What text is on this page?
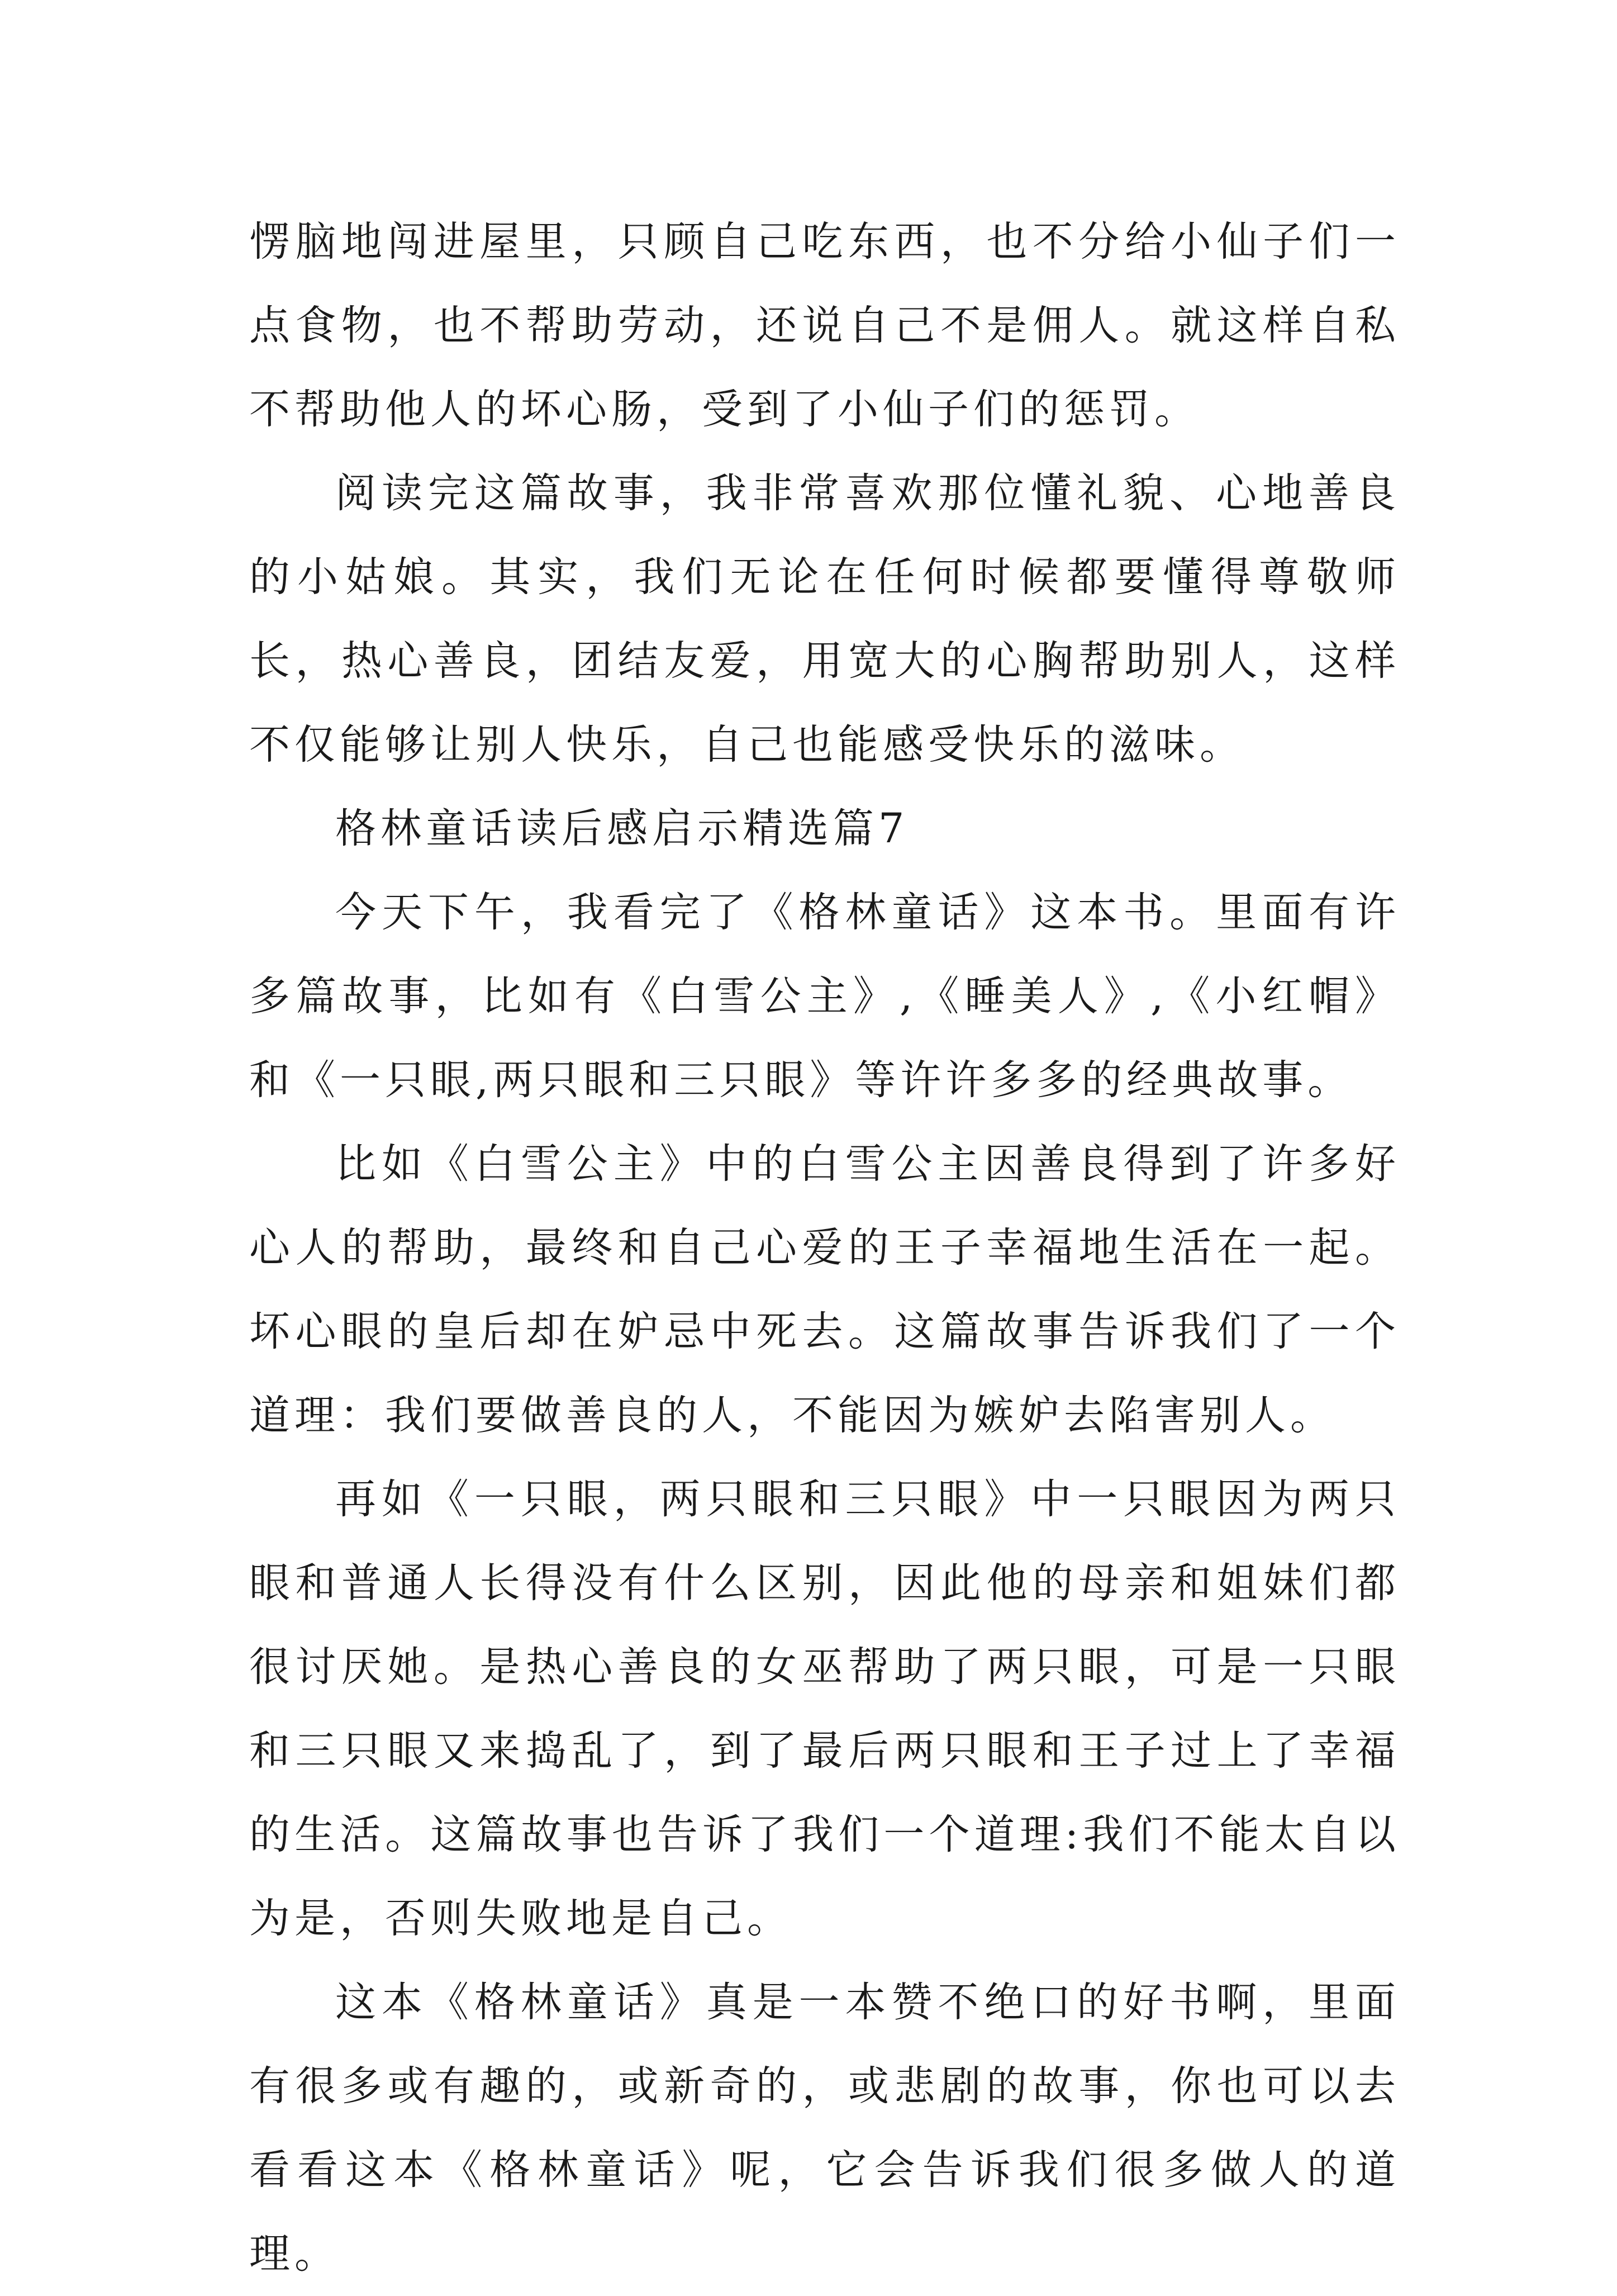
愣脑地闯进屋里，只顾自己吃东西，也不分给小仙子们一点食物，也不帮助劳动，还说自己不是佣人。就这样自私不帮助他人的坏心肠，受到了小仙子们的惩罚。

阅读完这篇故事，我非常喜欢那位懂礼貌、心地善良的小姑娘。其实，我们无论在任何时候都要懂得尊敬师长，热心善良，团结友爱，用宽大的心胸帮助别人，这样不仅能够让别人快乐，自己也能感受快乐的滋味。

格林童话读后感启示精选篇7

今天下午，我看完了《格林童话》这本书。里面有许多篇故事，比如有《白雪公主》,《睡美人》,《小红帽》和《一只眼,两只眼和三只眼》等许许多多的经典故事。

比如《白雪公主》中的白雪公主因善良得到了许多好心人的帮助，最终和自己心爱的王子幸福地生活在一起。坏心眼的皇后却在妒忌中死去。这篇故事告诉我们了一个道理：我们要做善良的人，不能因为嫉妒去陷害别人。

再如《一只眼，两只眼和三只眼》中一只眼因为两只眼和普通人长得没有什么区别，因此他的母亲和姐妹们都很讨厌她。是热心善良的女巫帮助了两只眼，可是一只眼和三只眼又来捣乱了，到了最后两只眼和王子过上了幸福的生活。这篇故事也告诉了我们一个道理:我们不能太自以为是，否则失败地是自己。

这本《格林童话》真是一本赞不绝口的好书啊，里面有很多或有趣的，或新奇的，或悲剧的故事，你也可以去看看这本《格林童话》呢，它会告诉我们很多做人的道理。
